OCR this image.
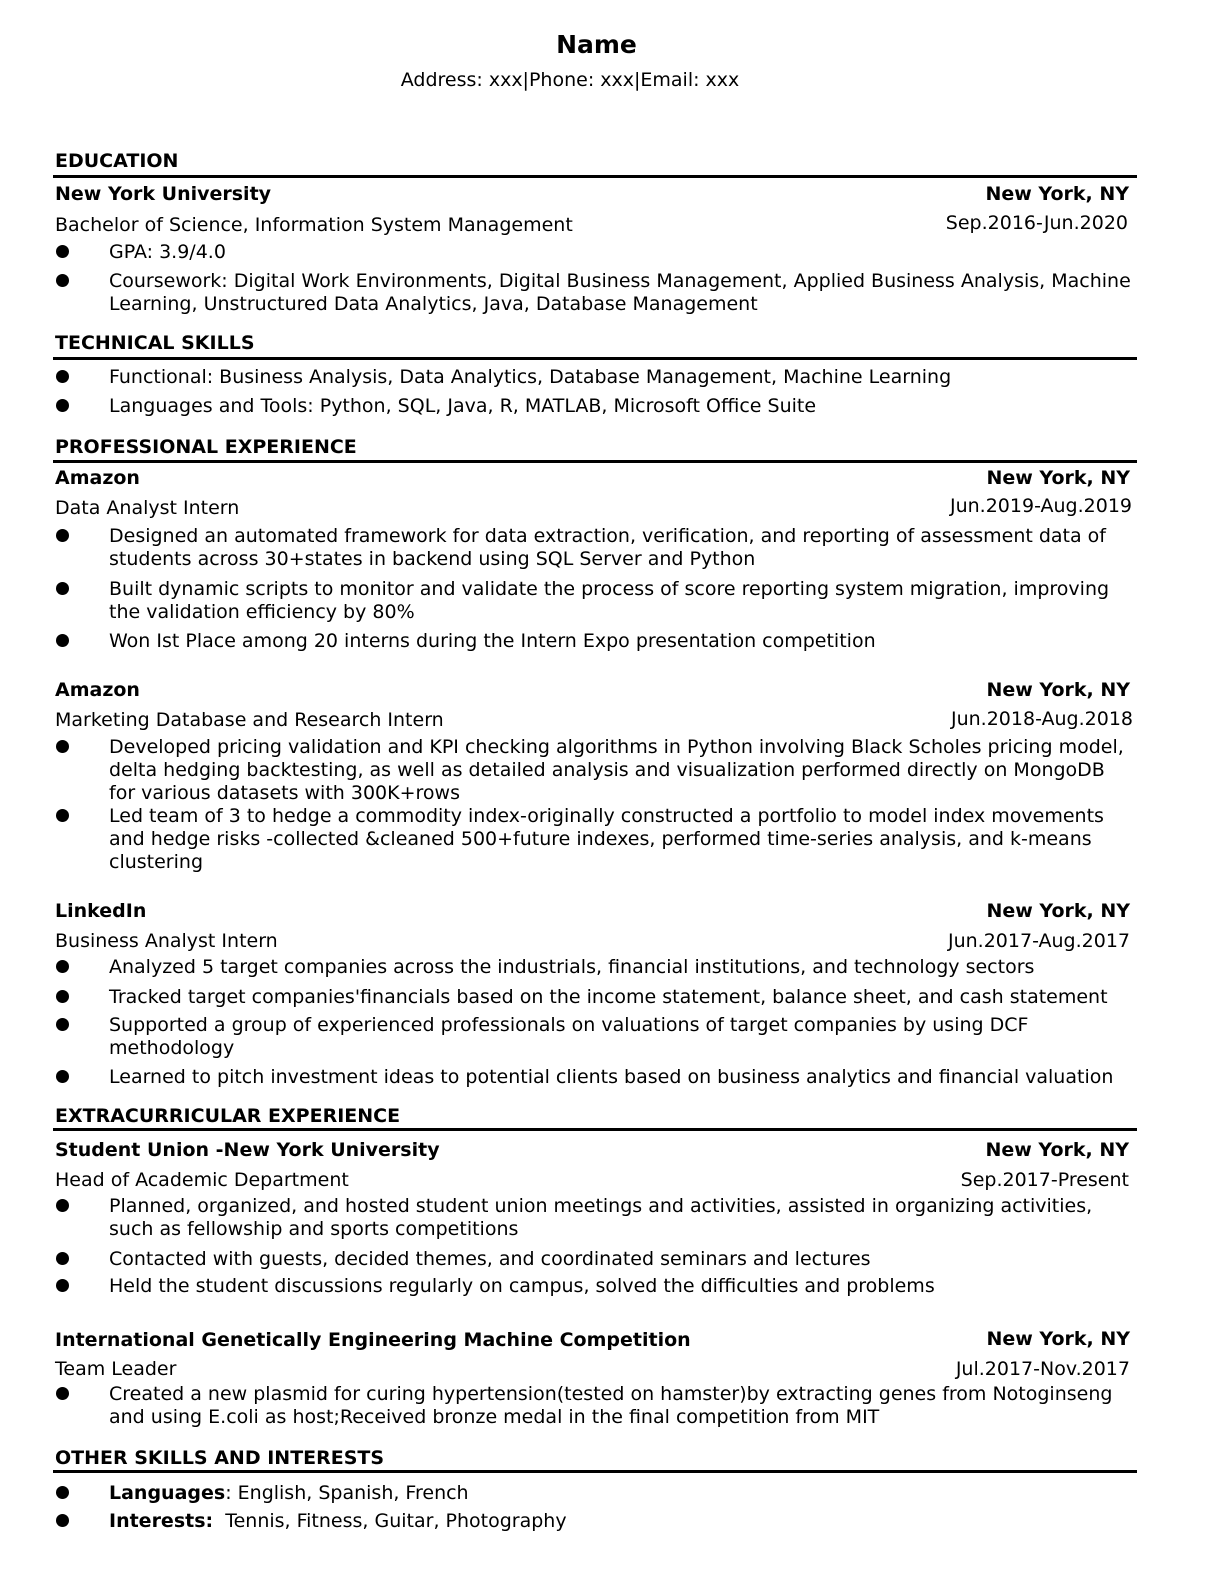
Name
Address: xxx|Phone: xxx|Email: xxx
EDUCATION
New York University	New York, NY
Bachelor of Science, Information System Management	Sep.2016-Jun.2020
GPA: 3.9/4.0
Coursework: Digital Work Environments, Digital Business Management, Applied Business Analysis, Machine Learning, Unstructured Data Analytics, Java, Database Management
TECHNICAL SKILLS
Functional: Business Analysis, Data Analytics, Database Management, Machine Learning
Languages and Tools: Python, SQL, Java, R, MATLAB, Microsoft Office Suite
PROFESSIONAL EXPERIENCE
Amazon	New York, NY
Data Analyst Intern	Jun.2019-Aug.2019
Designed an automated framework for data extraction, verification, and reporting of assessment data of students across 30+states in backend using SQL Server and Python
Built dynamic scripts to monitor and validate the process of score reporting system migration, improving the validation efficiency by 80%
Won Ist Place among 20 interns during the Intern Expo presentation competition
Amazon	New York, NY
Marketing Database and Research Intern	Jun.2018-Aug.2018
Developed pricing validation and KPI checking algorithms in Python involving Black Scholes pricing model, delta hedging backtesting, as well as detailed analysis and visualization performed directly on MongoDB for various datasets with 300K+rows
Led team of 3 to hedge a commodity index-originally constructed a portfolio to model index movements and hedge risks -collected &cleaned 500+future indexes, performed time-series analysis, and k-means clustering
LinkedIn	New York, NY
Business Analyst Intern	Jun.2017-Aug.2017
Analyzed 5 target companies across the industrials, financial institutions, and technology sectors
Tracked target companies'financials based on the income statement, balance sheet, and cash statement
Supported a group of experienced professionals on valuations of target companies by using DCF methodology
Learned to pitch investment ideas to potential clients based on business analytics and financial valuation
EXTRACURRICULAR EXPERIENCE
Student Union -New York University	New York, NY
Head of Academic Department	Sep.2017-Present
Planned, organized, and hosted student union meetings and activities, assisted in organizing activities, such as fellowship and sports competitions
Contacted with guests, decided themes, and coordinated seminars and lectures
Held the student discussions regularly on campus, solved the difficulties and problems
International Genetically Engineering Machine Competition	New York, NY
Team Leader	Jul.2017-Nov.2017
Created a new plasmid for curing hypertension(tested on hamster)by extracting genes from Notoginseng and using E.coli as host;Received bronze medal in the final competition from MIT
OTHER SKILLS AND INTERESTS
Languages: English, Spanish, French
Interests:  Tennis, Fitness, Guitar, Photography
